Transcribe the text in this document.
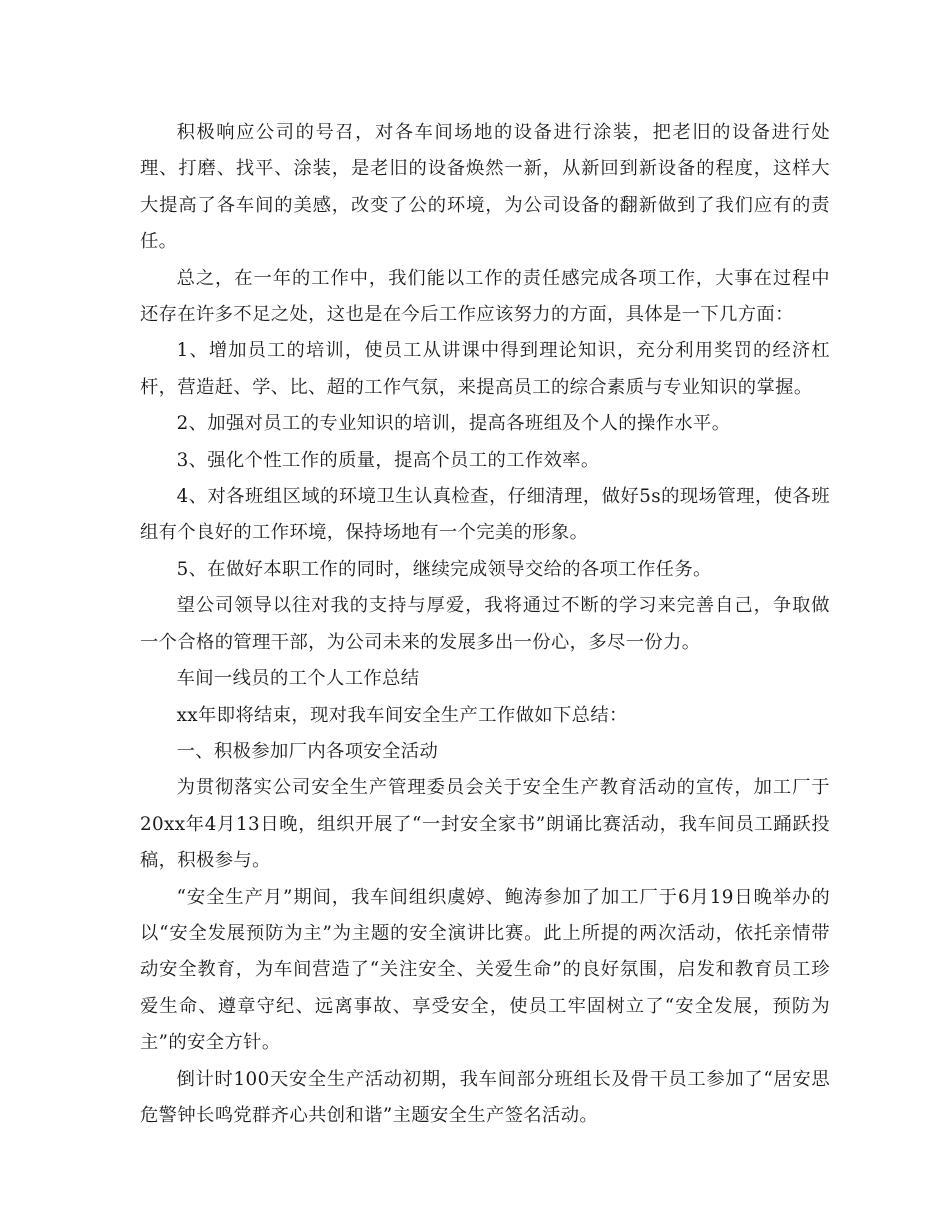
积极响应公司的号召，对各车间场地的设备进行涂装，把老旧的设备进行处理、打磨、找平、涂装，是老旧的设备焕然一新，从新回到新设备的程度，这样大大提高了各车间的美感，改变了公的环境，为公司设备的翻新做到了我们应有的责任。

总之，在一年的工作中，我们能以工作的责任感完成各项工作，大事在过程中还存在许多不足之处，这也是在今后工作应该努力的方面，具体是一下几方面：

1、增加员工的培训，使员工从讲课中得到理论知识，充分利用奖罚的经济杠杆，营造赶、学、比、超的工作气氛，来提高员工的综合素质与专业知识的掌握。

2、加强对员工的专业知识的培训，提高各班组及个人的操作水平。

3、强化个性工作的质量，提高个员工的工作效率。

4、对各班组区域的环境卫生认真检查，仔细清理，做好5s的现场管理，使各班组有个良好的工作环境，保持场地有一个完美的形象。

5、在做好本职工作的同时，继续完成领导交给的各项工作任务。

望公司领导以往对我的支持与厚爱，我将通过不断的学习来完善自己，争取做一个合格的管理干部，为公司未来的发展多出一份心，多尽一份力。

车间一线员的工个人工作总结

xx年即将结束，现对我车间安全生产工作做如下总结：

一、积极参加厂内各项安全活动

为贯彻落实公司安全生产管理委员会关于安全生产教育活动的宣传，加工厂于20xx年4月13日晚，组织开展了“一封安全家书”朗诵比赛活动，我车间员工踊跃投稿，积极参与。

“安全生产月”期间，我车间组织虞婷、鲍涛参加了加工厂于6月19日晚举办的以“安全发展预防为主”为主题的安全演讲比赛。此上所提的两次活动，依托亲情带动安全教育，为车间营造了“关注安全、关爱生命”的良好氛围，启发和教育员工珍爱生命、遵章守纪、远离事故、享受安全，使员工牢固树立了“安全发展，预防为主”的安全方针。

倒计时100天安全生产活动初期，我车间部分班组长及骨干员工参加了“居安思危警钟长鸣党群齐心共创和谐”主题安全生产签名活动。
